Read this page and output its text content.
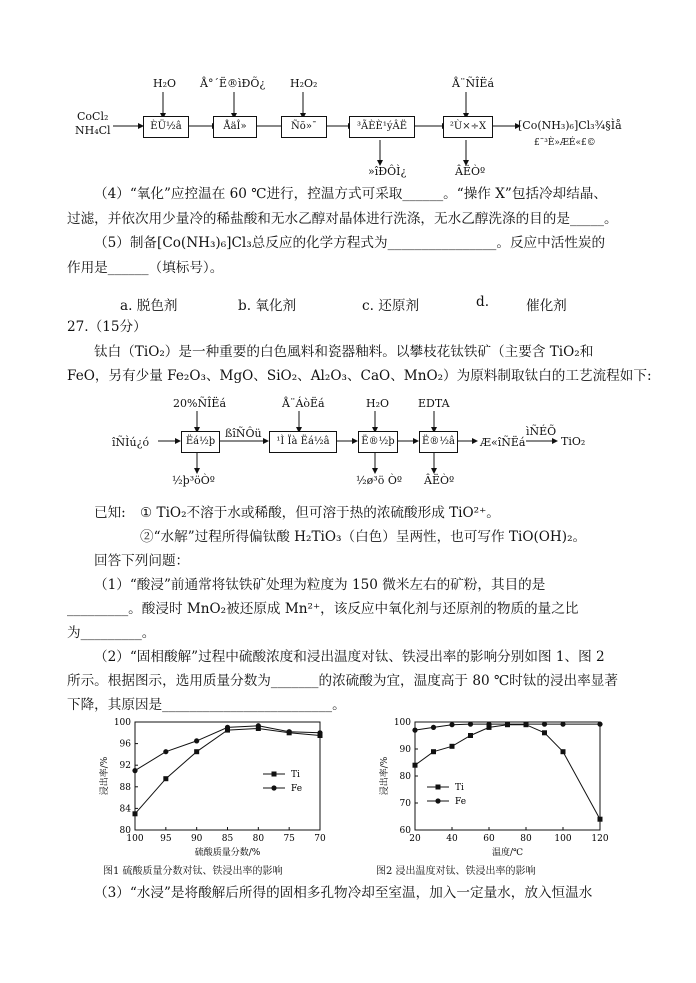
CoCl₂
NH₄Cl
H₂O Å°´Ë®ìÐÕ¿ H₂O₂	Å¨ÑÎËá
ÈÜ½â	ÅäÎ»	Ñõ»¯	³ÃÈÈ¹ýÂË	²Ù×÷X	[Co(NH₃)₆]Cl₃¾§Ìå
£¨³È»ÆÉ«£©
»îÐÔÌ¿	ÂËÒº
（4）“氧化”应控温在 60 ℃进行，控温方式可采取______。“操作 X”包括冷却结晶、
过滤，并依次用少量冷的稀盐酸和无水乙醇对晶体进行洗涤，无水乙醇洗涤的目的是_____。
（5）制备[Co(NH₃)₆]Cl₃总反应的化学方程式为________________。反应中活性炭的
作用是______（填标号）。
a. 脱色剂	b. 氧化剂	c. 还原剂	d.	催化剂
27.（15分）
钛白（TiO₂）是一种重要的白色風料和瓷器釉料。以攀枝花钛铁矿（主要含 TiO₂和
FeO，另有少量 Fe₂O₃、MgO、SiO₂、Al₂O₃、CaO、MnO₂）为原料制取钛白的工艺流程如下:
20%ÑÎËá	Å¨ÁòËá	H₂O	EDTA
ìÑÉÕ
îÑÌú¿ó
ßîÑÔü
Ëá½þ	¹Ì Ïà Ëá½â	Ë®½þ	Ë®½â Æ«îÑËá	TiO₂
½þ³öÒº	½ø³ö Òº ÂËÒº
已知: ① TiO₂不溶于水或稀酸，但可溶于热的浓硫酸形成 TiO²⁺。
②“水解”过程所得偏钛酸 H₂TiO₃（白色）呈两性，也可写作 TiO(OH)₂。
回答下列问题：
（1）“酸浸”前通常将钛铁矿处理为粒度为 150 微米左右的矿粉，其目的是
_________。酸浸时 MnO₂被还原成 Mn²⁺，该反应中氧化剂与还原剂的物质的量之比
为_________。
（2）“固相酸解”过程中硫酸浓度和浸出温度对钛、铁浸出率的影响分别如图 1、图 2
所示。根据图示，选用质量分数为_______的浓硫酸为宜，温度高于 80 ℃时钛的浸出率显著
下降，其原因是_________________________。
80
84
88
92
96
100
100 95 90 85 80 75 70
硫酸质量分数/%
浸出率/%	Ti
Fe
60
70
80
90
100
20	40	60	80	100 120
温度/℃
浸出率/%	Ti
Fe
图1 硫酸质量分数对钛、铁浸出率的影响	图2 浸出温度对钛、铁浸出率的影响
（3）“水浸”是将酸解后所得的固相多孔物冷却至室温，加入一定量水，放入恒温水
